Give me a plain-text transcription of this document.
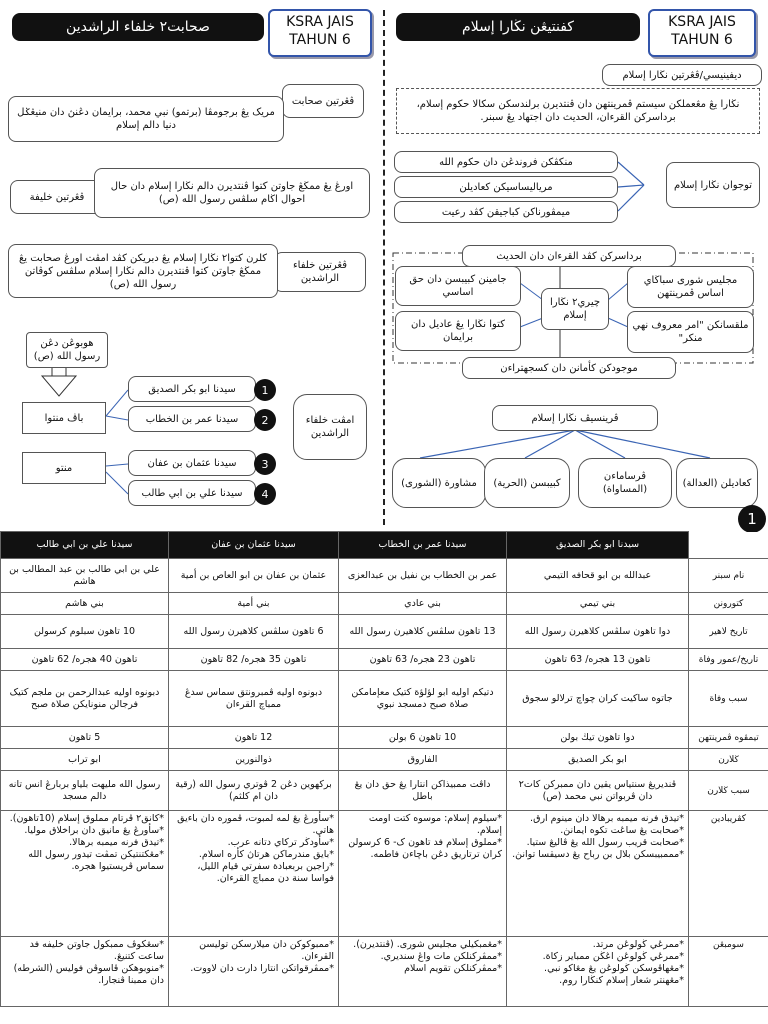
صحابت٢ خلفاء الراشدين	KSRA JAIS
TAHUN 6
ڤڠرتين صحابت
مريک يڠ برجومڤا (برتمو) نبي محمد، برايمان دڠنڽ دان منيڠݢل دنيا دالم إسلام
ڤڠرتين خليفة
اورڠ يڠ ممڬڠ جاوتن كتوا ڤنتديرن دالم نڬارا إسلام دان حال احوال اڬام سلڤس رسول الله (ص)
ڤڠرتين خلفاء الراشدين
كلرن كتوا٢ نڬارا إسلام يڠ دبريكن كڤد امڤت اورڠ صحابت يڠ ممڬڠ جاوتن كتوا ڤنتديرن دالم نڬارا إسلام سلڤس كوڤاتن رسول الله (ص)
هوبوڠن دڠن رسول الله (ص)
باڤ منتوا
منتو
امڤت خلفاء الراشدين
سيدنا ابو بكر الصديق 1
سيدنا عمر بن الخطاب 2
سيدنا عثمان بن عفان 3
سيدنا علي بن ابي طالب 4
كفنتيڠن نڬارا إسلام	KSRA JAIS
TAHUN 6
ديفينيسي/ڤڠرتين نڬارا إسلام
نڬارا يڠ مڠعملكن سيستم ڤمرينتهن دان ڤنتديرن برلندسکن سکالا حکوم إسلام، برداسرکن القرءان، الحديث دان اجتهاد يڠ سبنر.
منكڤكن فروندڠن دان حكوم الله
مرياليساسيكن كعاديلن
ميمڤورناكن كباجيقن كڤد رعيت
توجوان نڬارا إسلام
برداسرکن كڤد القرءان دان الحديث
جامينن كبيبسن دان حق اساسي
كتوا نڬارا يڠ عاديل دان برايمان
چيري٢ نڬارا إسلام
مجليس شورى سباڬاي اساس ڤمرينتهن
ملقسانكن "امر معروف نهي منكر"
موجودكن كأمانن دان كسجهتراءن
ڤرينسيڤ نڬارا إسلام
مشاورة (الشورى) كبيبسن (الحرية)
ڤرساماءن (المساواة)
كعاديلن (العدالة)
1
	سيدنا ابو بكر الصديق	سيدنا عمر بن الخطاب	سيدنا عثمان بن عفان	سيدنا علي بن ابي طالب
نام سبنر	عبدالله بن ابو قحافه التيمي	عمر بن الخطاب بن نفيل بن عبدالعزى	عثمان بن عفان بن ابو العاص بن أمية	علي بن ابي طالب بن عبد المطالب بن هاشم
كتورونن	بني تيمي	بني عادي	بني أمية	بني هاشم
تاريخ لاهير	دوا تاهون سلڤس كلاهيرن رسول الله	13 تاهون سلڤس كلاهيرن رسول الله	6 تاهون سلڤس كلاهيرن رسول الله	10 تاهون سبلوم كرسولن
تاريخ/عمور وفاة	تاهون 13 هجره/ 63 تاهون	تاهون 23 هجره/ 63 تاهون	تاهون 35 هجره/ 82 تاهون	تاهون 40 هجره/ 62 تاهون
سبب وفاة	جاتوه ساكيت كران چواچ ترلالو سجوق	دتيكم اوليه ابو لؤلؤة كتيک معإمامكن صلاة صبح دمسجد نبوي	دبونوه اوليه ڤمبرونتق سماس سدڠ ممباچ القرءان	دبونوه اوليه عبدالرحمن بن ملجم كتيک فرجالن منونايكن صلاة صبح
تيمڤوه ڤمرينتهن	دوا تاهون تيڬ بولن	10 تاهون 6 بولن	12 تاهون	5 تاهون
ڬلارن	ابو بكر الصديق	الفاروق	ذوالنورين	ابو تراب
سبب ڬلارن	ڤنديريڠ سنتياس يقين دان ممبركن كات٢ دان ڤربواتن نبي محمد (ص)	داڤت ممبيذاكن انتارا يڠ حق دان يڠ باطل	بركهوين دڠن 2 ڤوتري رسول الله (رقية دان ام كلثم)	رسول الله مليهت بلياو بربارڠ انس تانه دالم مسجد
كڤريبادين	*تيدق فرنه ميمبه برهالا دان مينوم ارق.
*صحابت يڠ ساڠت تکوه ايمانڽ.
*صحابت قريب رسول الله يڠ ڤاليڠ ستيا.
*مممبيبسكن بلال بن رباح يڠ دسيقسا توانڽ.	*سيلوم إسلام: موسوه كتت اومت إسلام.
*مملوق إسلام فد تاهون ک- 6 كرسولن كران ترتاريق دڠن باچاءن فاطمه.	*سأورڠ يڠ لمه لمبوت، ڤموره دان باءيق هاتي.
*سأودڬر تركاي دتانه عرب.
*بايق مندرماكن هرتاڽ كأره اسلام.
*راجين بربعبادة سفرتي قيام الليل، فواسا سنة دن ممباچ القرءان.	*كانق٢ ڤرتام مملوق إسلام (10تاهون).
*سأورڠ يڠ مانيق دان براخلاق موليا.
*تيدق فرنه ميمبه برهالا.
*مڠكتنتيكن تمڤت تيدور رسول الله سماس ڤريستيوا هجره.
سومبڠن	*ممرڠي ڬولوڠن مرتد.
*ممرڠي ڬولوڠن اڠڬن ممباير زكاة.
*مڠهاڤوسكن ڬولوڠن يڠ مڠاكو نبي.
*مڠهنتر شعار إسلام كنڬارا روم.	*مڠمبكيلي مجليس شورى. (ڤنتديرن).
*ممڤركنلكن مات واڠ سنديري.
*ممڤركنلكن تقويم اسلام	*ممبوكوكن دان ميلارسكن توليسن القرءان.
*ممڤرقواتكن انتارا دارت دان لاووت.	*سڠكوڤ ممبكول جاوتن خليفه فد ساعت كتنيڠ.
*منوبوهكن ڤاسوڤن فوليس (الشرطه) دان ممبنا ڤنجارا.
